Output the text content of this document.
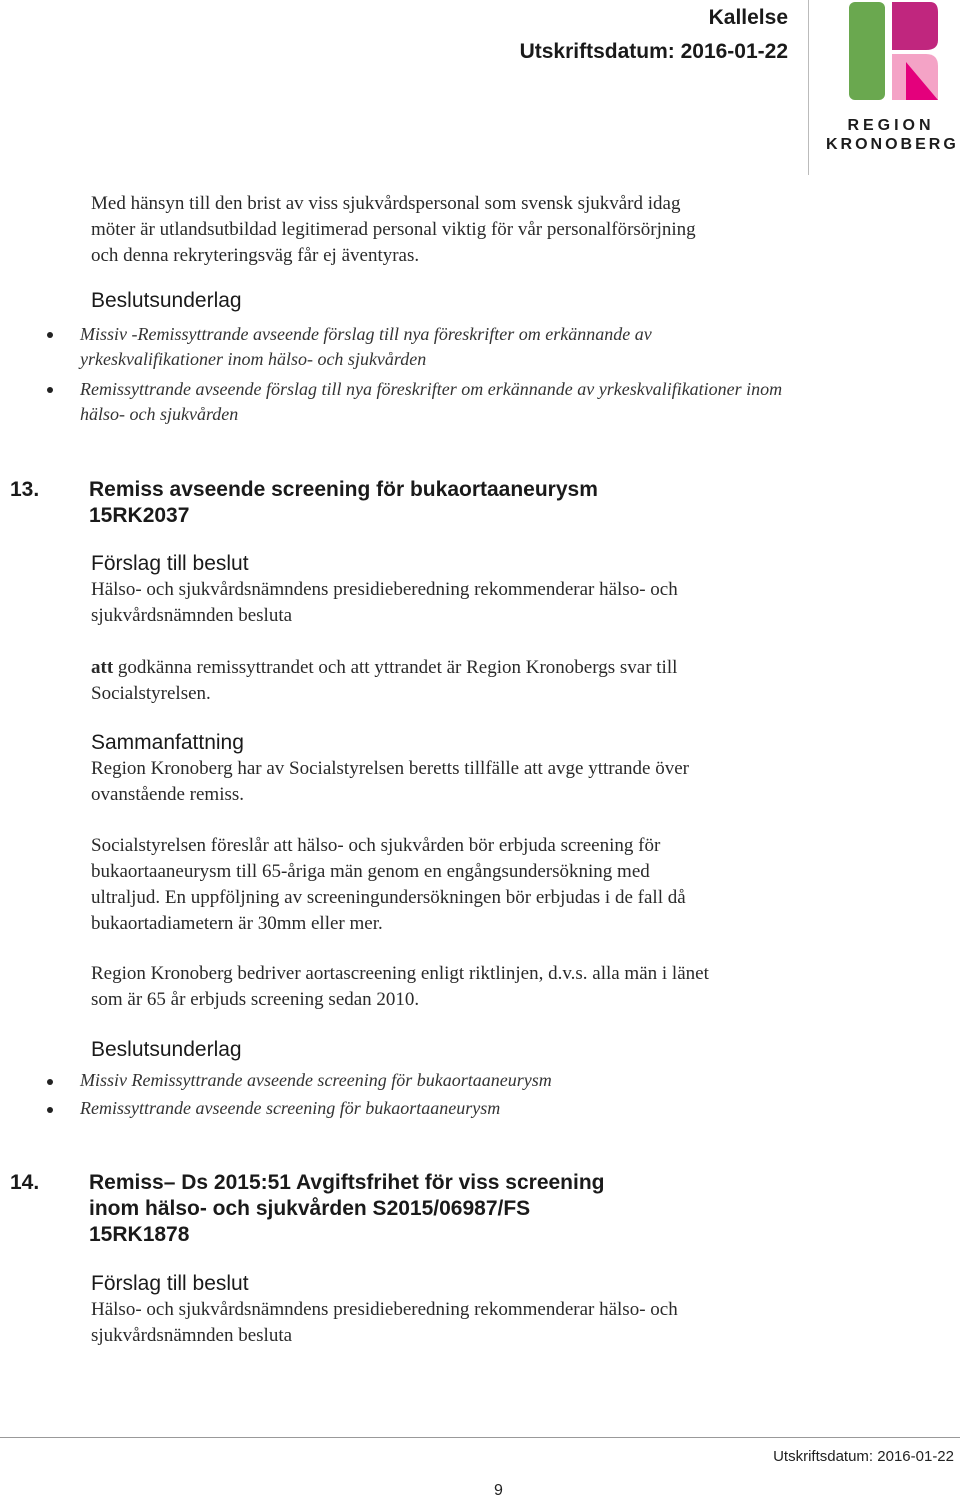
Kallelse
Utskriftsdatum: 2016-01-22
REGION
KRONOBERG
Med hänsyn till den brist av viss sjukvårdspersonal som svensk sjukvård idag
möter är utlandsutbildad legitimerad personal viktig för vår personalförsörjning
och denna rekryteringsväg får ej äventyras.
Beslutsunderlag
Missiv -Remissyttrande avseende förslag till nya föreskrifter om erkännande av
yrkeskvalifikationer inom hälso- och sjukvården
Remissyttrande avseende förslag till nya föreskrifter om erkännande av yrkeskvalifikationer inom
hälso- och sjukvården
13. Remiss avseende screening för bukaortaaneurysm
15RK2037
Förslag till beslut
Hälso- och sjukvårdsnämndens presidieberedning rekommenderar hälso- och
sjukvårdsnämnden besluta
att godkänna remissyttrandet och att yttrandet är Region Kronobergs svar till
Socialstyrelsen.
Sammanfattning
Region Kronoberg har av Socialstyrelsen beretts tillfälle att avge yttrande över
ovanstående remiss.
Socialstyrelsen föreslår att hälso- och sjukvården bör erbjuda screening för
bukaortaaneurysm till 65-åriga män genom en engångsundersökning med
ultraljud. En uppföljning av screeningundersökningen bör erbjudas i de fall då
bukaortadiametern är 30mm eller mer.
Region Kronoberg bedriver aortascreening enligt riktlinjen, d.v.s. alla män i länet
som är 65 år erbjuds screening sedan 2010.
Beslutsunderlag
Missiv Remissyttrande avseende screening för bukaortaaneurysm
Remissyttrande avseende screening för bukaortaaneurysm
14. Remiss– Ds 2015:51 Avgiftsfrihet för viss screening
inom hälso- och sjukvården S2015/06987/FS
15RK1878
Förslag till beslut
Hälso- och sjukvårdsnämndens presidieberedning rekommenderar hälso- och
sjukvårdsnämnden besluta
Utskriftsdatum: 2016-01-22
9
